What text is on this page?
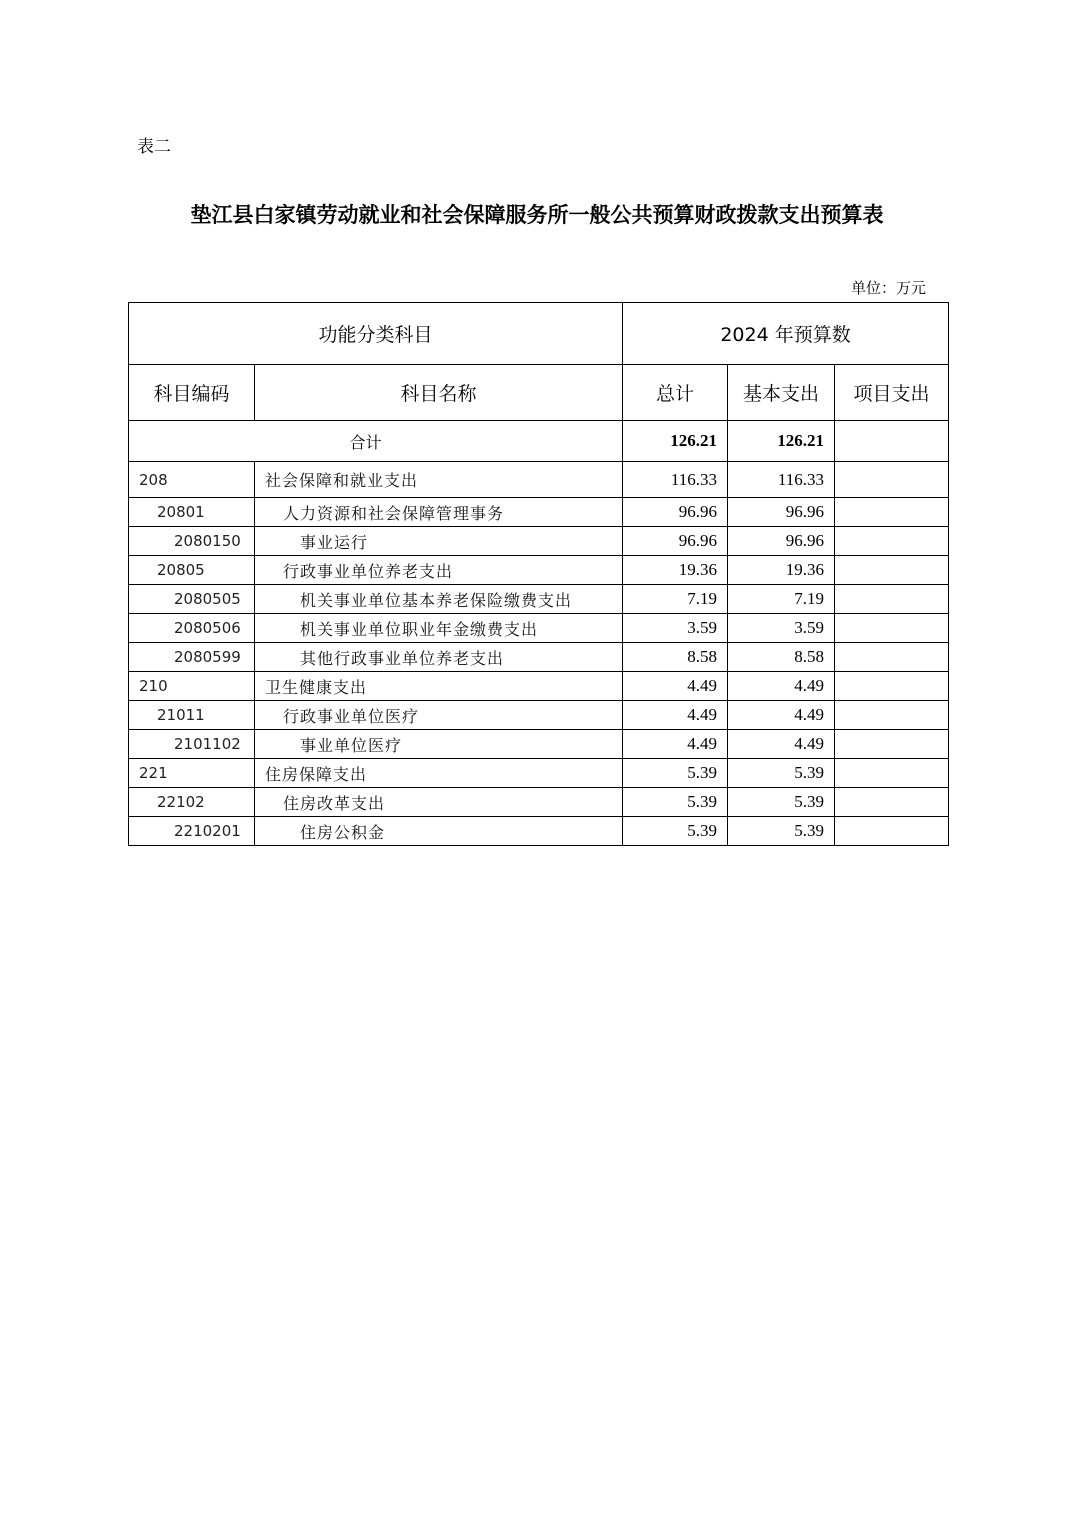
表二
垫江县白家镇劳动就业和社会保障服务所一般公共预算财政拨款支出预算表
单位：万元
功能分类科目		2024 年预算数		
科目编码	科目名称	总计	基本支出	项目支出
合计		126.21	126.21	
208	社会保障和就业支出	116.33	116.33	
20801	人力资源和社会保障管理事务	96.96	96.96	
2080150	事业运行	96.96	96.96	
20805	行政事业单位养老支出	19.36	19.36	
2080505	机关事业单位基本养老保险缴费支出	7.19	7.19	
2080506	机关事业单位职业年金缴费支出	3.59	3.59	
2080599	其他行政事业单位养老支出	8.58	8.58	
210	卫生健康支出	4.49	4.49	
21011	行政事业单位医疗	4.49	4.49	
2101102	事业单位医疗	4.49	4.49	
221	住房保障支出	5.39	5.39	
22102	住房改革支出	5.39	5.39	
2210201	住房公积金	5.39	5.39	
